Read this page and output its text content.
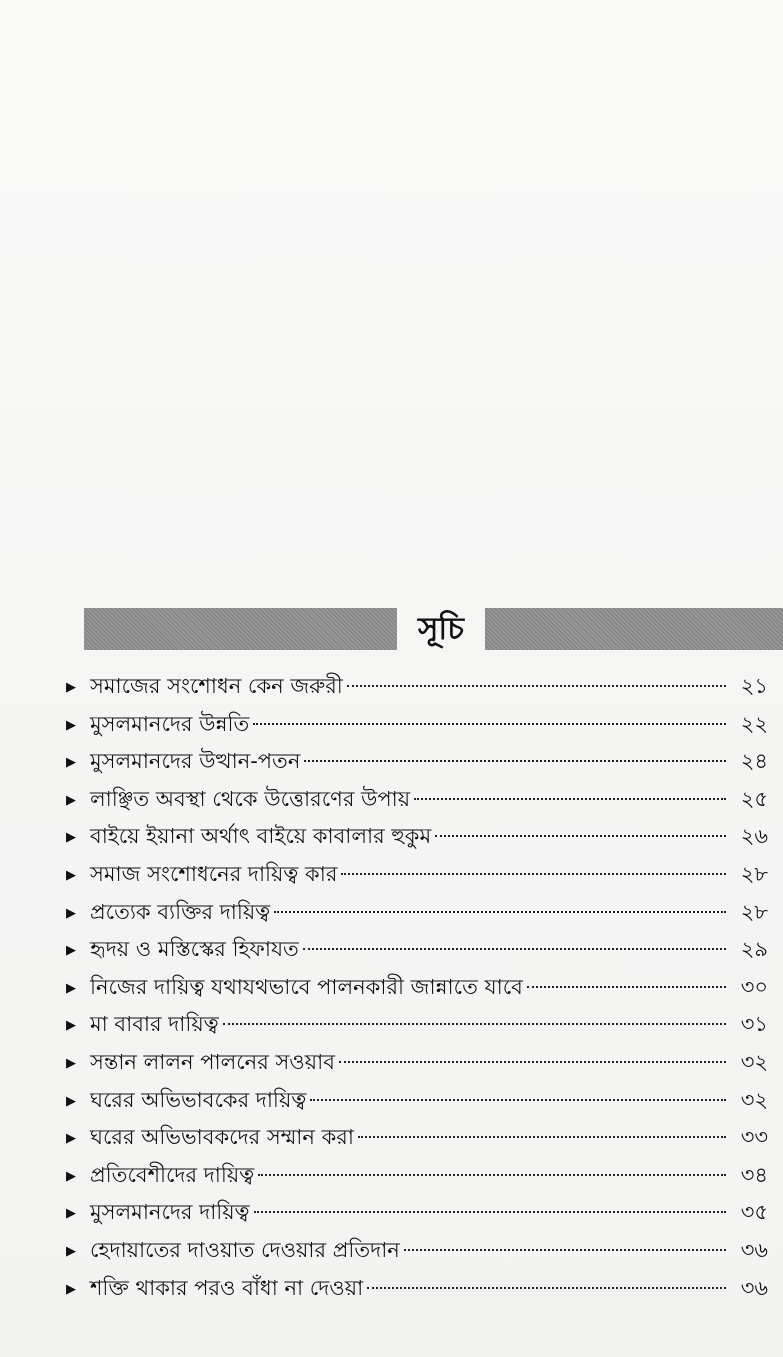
সূচি
▶ সমাজের সংশোধন কেন জরুরী	২১
▶ মুসলমানদের উন্নতি	২২
▶ মুসলমানদের উত্থান-পতন	২৪
▶ লাঞ্ছিত অবস্থা থেকে উত্তোরণের উপায়	২৫
▶ বাইয়ে ইয়ানা অর্থাৎ বাইয়ে কাবালার হুকুম	২৬
▶ সমাজ সংশোধনের দায়িত্ব কার	২৮
▶ প্রত্যেক ব্যক্তির দায়িত্ব	২৮
▶ হৃদয় ও মস্তিস্কের হিফাযত	২৯
▶ নিজের দায়িত্ব যথাযথভাবে পালনকারী জান্নাতে যাবে	৩০
▶ মা বাবার দায়িত্ব	৩১
▶ সন্তান লালন পালনের সওয়াব	৩২
▶ ঘরের অভিভাবকের দায়িত্ব	৩২
▶ ঘরের অভিভাবকদের সম্মান করা	৩৩
▶ প্রতিবেশীদের দায়িত্ব	৩৪
▶ মুসলমানদের দায়িত্ব	৩৫
▶ হেদায়াতের দাওয়াত দেওয়ার প্রতিদান	৩৬
▶ শক্তি থাকার পরও বাঁধা না দেওয়া	৩৬
